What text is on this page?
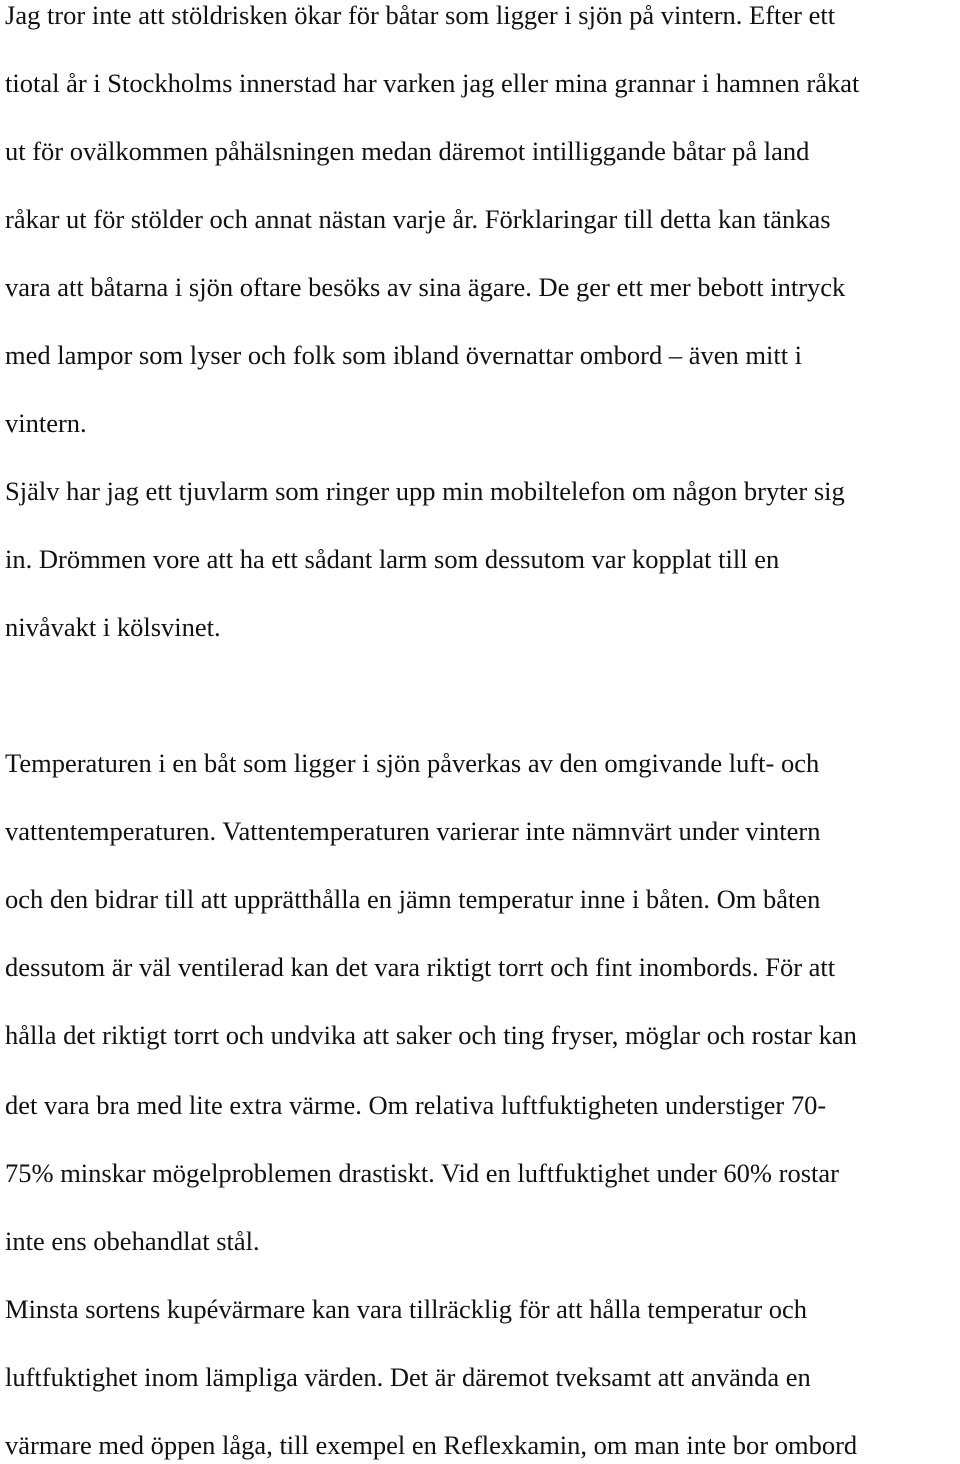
Jag tror inte att stöldrisken ökar för båtar som ligger i sjön på vintern. Efter ett

tiotal år i Stockholms innerstad har varken jag eller mina grannar i hamnen råkat

ut för ovälkommen påhälsningen medan däremot intilliggande båtar på land

råkar ut för stölder och annat nästan varje år. Förklaringar till detta kan tänkas

vara att båtarna i sjön oftare besöks av sina ägare. De ger ett mer bebott intryck

med lampor som lyser och folk som ibland övernattar ombord – även mitt i

vintern.

Själv har jag ett tjuvlarm som ringer upp min mobiltelefon om någon bryter sig

in. Drömmen vore att ha ett sådant larm som dessutom var kopplat till en

nivåvakt i kölsvinet.

Temperaturen i en båt som ligger i sjön påverkas av den omgivande luft- och

vattentemperaturen. Vattentemperaturen varierar inte nämnvärt under vintern

och den bidrar till att upprätthålla en jämn temperatur inne i båten. Om båten

dessutom är väl ventilerad kan det vara riktigt torrt och fint inombords. För att

hålla det riktigt torrt och undvika att saker och ting fryser, möglar och rostar kan

det vara bra med lite extra värme. Om relativa luftfuktigheten understiger 70-

75% minskar mögelproblemen drastiskt. Vid en luftfuktighet under 60% rostar

inte ens obehandlat stål.

Minsta sortens kupévärmare kan vara tillräcklig för att hålla temperatur och

luftfuktighet inom lämpliga värden. Det är däremot tveksamt att använda en

värmare med öppen låga, till exempel en Reflexkamin, om man inte bor ombord
